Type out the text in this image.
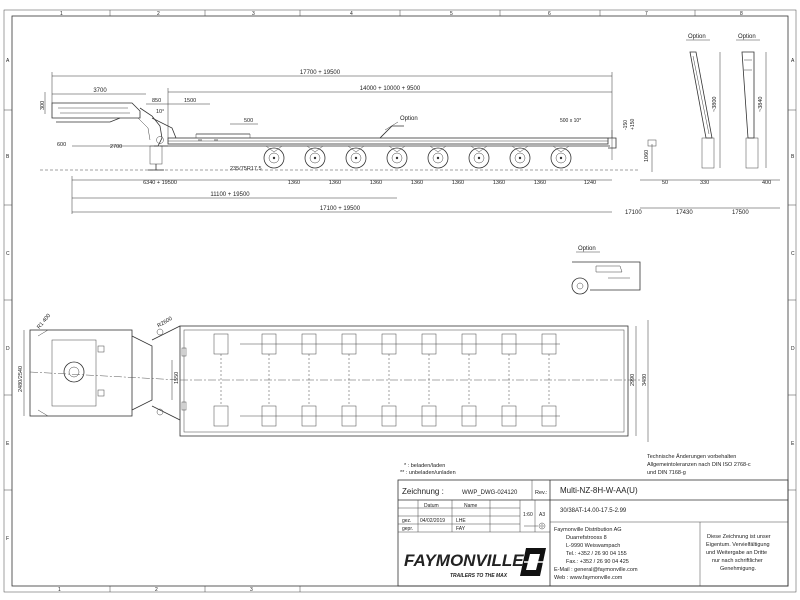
1	2	3	4	5	6	7	8
1	2	3
A
B
C
D
E
F
A
B
C
D
E
oo	oo
17700 + 19500
14000 + 10000 + 9500
3700
850	1500
300
10°
500	Option
600	2700
500 x 10*	-150 +150
235/75R17.5
1060
6340 + 19500	1360	1360	1360	1360	1360	1360	1360	1240
11100 + 19500
17100 + 19500
17100
50
17430
330
17500
400
Option	Option
~3800	~3840
Option
R1 400	R2600
2480/2540	1550	2990 3480
* : beladen/laden
** : unbeladen/unladen
Technische Änderungen vorbehalten
Allgemeintoleranzen nach DIN ISO 2768-c
und DIN 7168-g
Zeichnung :	WWP_DWG-024120	Rev.: Multi-NZ-8H-W-AA(U)
30/38AT-14.00-17.5-2.99
Datum	Name
gez. 04/02/2019 LHE
gepr.	FAY
1:60 A3
Faymonville Distribution AG
Duarrefstrooss 8
L-9990 Weiswampach
Tel.: +352 / 26 90 04 155
Fax.: +352 / 26 90 04 425
E-Mail : general@faymonville.com
Web : www.faymonville.com
Diese Zeichnung ist unser
Eigentum. Vervielfältigung
und Weitergabe an Dritte
nur nach schriftlicher
Genehmigung.
FAYMONVILLE
TRAILERS TO THE MAX
